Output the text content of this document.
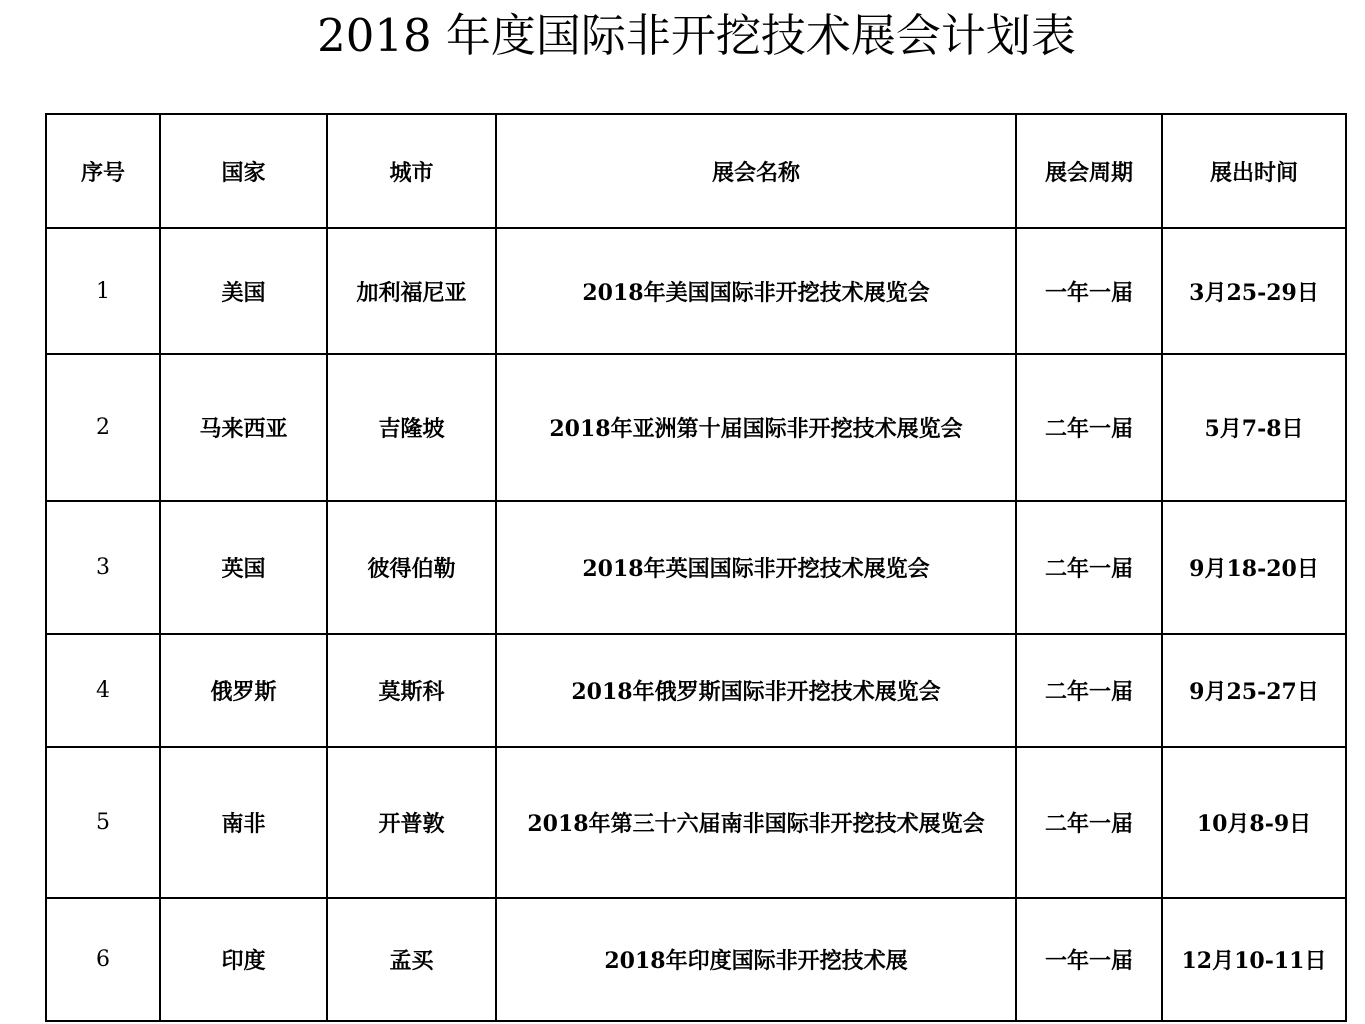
2018 年度国际非开挖技术展会计划表
序号	国家	城市	展会名称	展会周期	展出时间
1	美国	加利福尼亚	2018年美国国际非开挖技术展览会	一年一届	3月25-29日
2	马来西亚	吉隆坡	2018年亚洲第十届国际非开挖技术展览会	二年一届	5月7-8日
3	英国	彼得伯勒	2018年英国国际非开挖技术展览会	二年一届	9月18-20日
4	俄罗斯	莫斯科	2018年俄罗斯国际非开挖技术展览会	二年一届	9月25-27日
5	南非	开普敦	2018年第三十六届南非国际非开挖技术展览会	二年一届	10月8-9日
6	印度	孟买	2018年印度国际非开挖技术展	一年一届	12月10-11日
